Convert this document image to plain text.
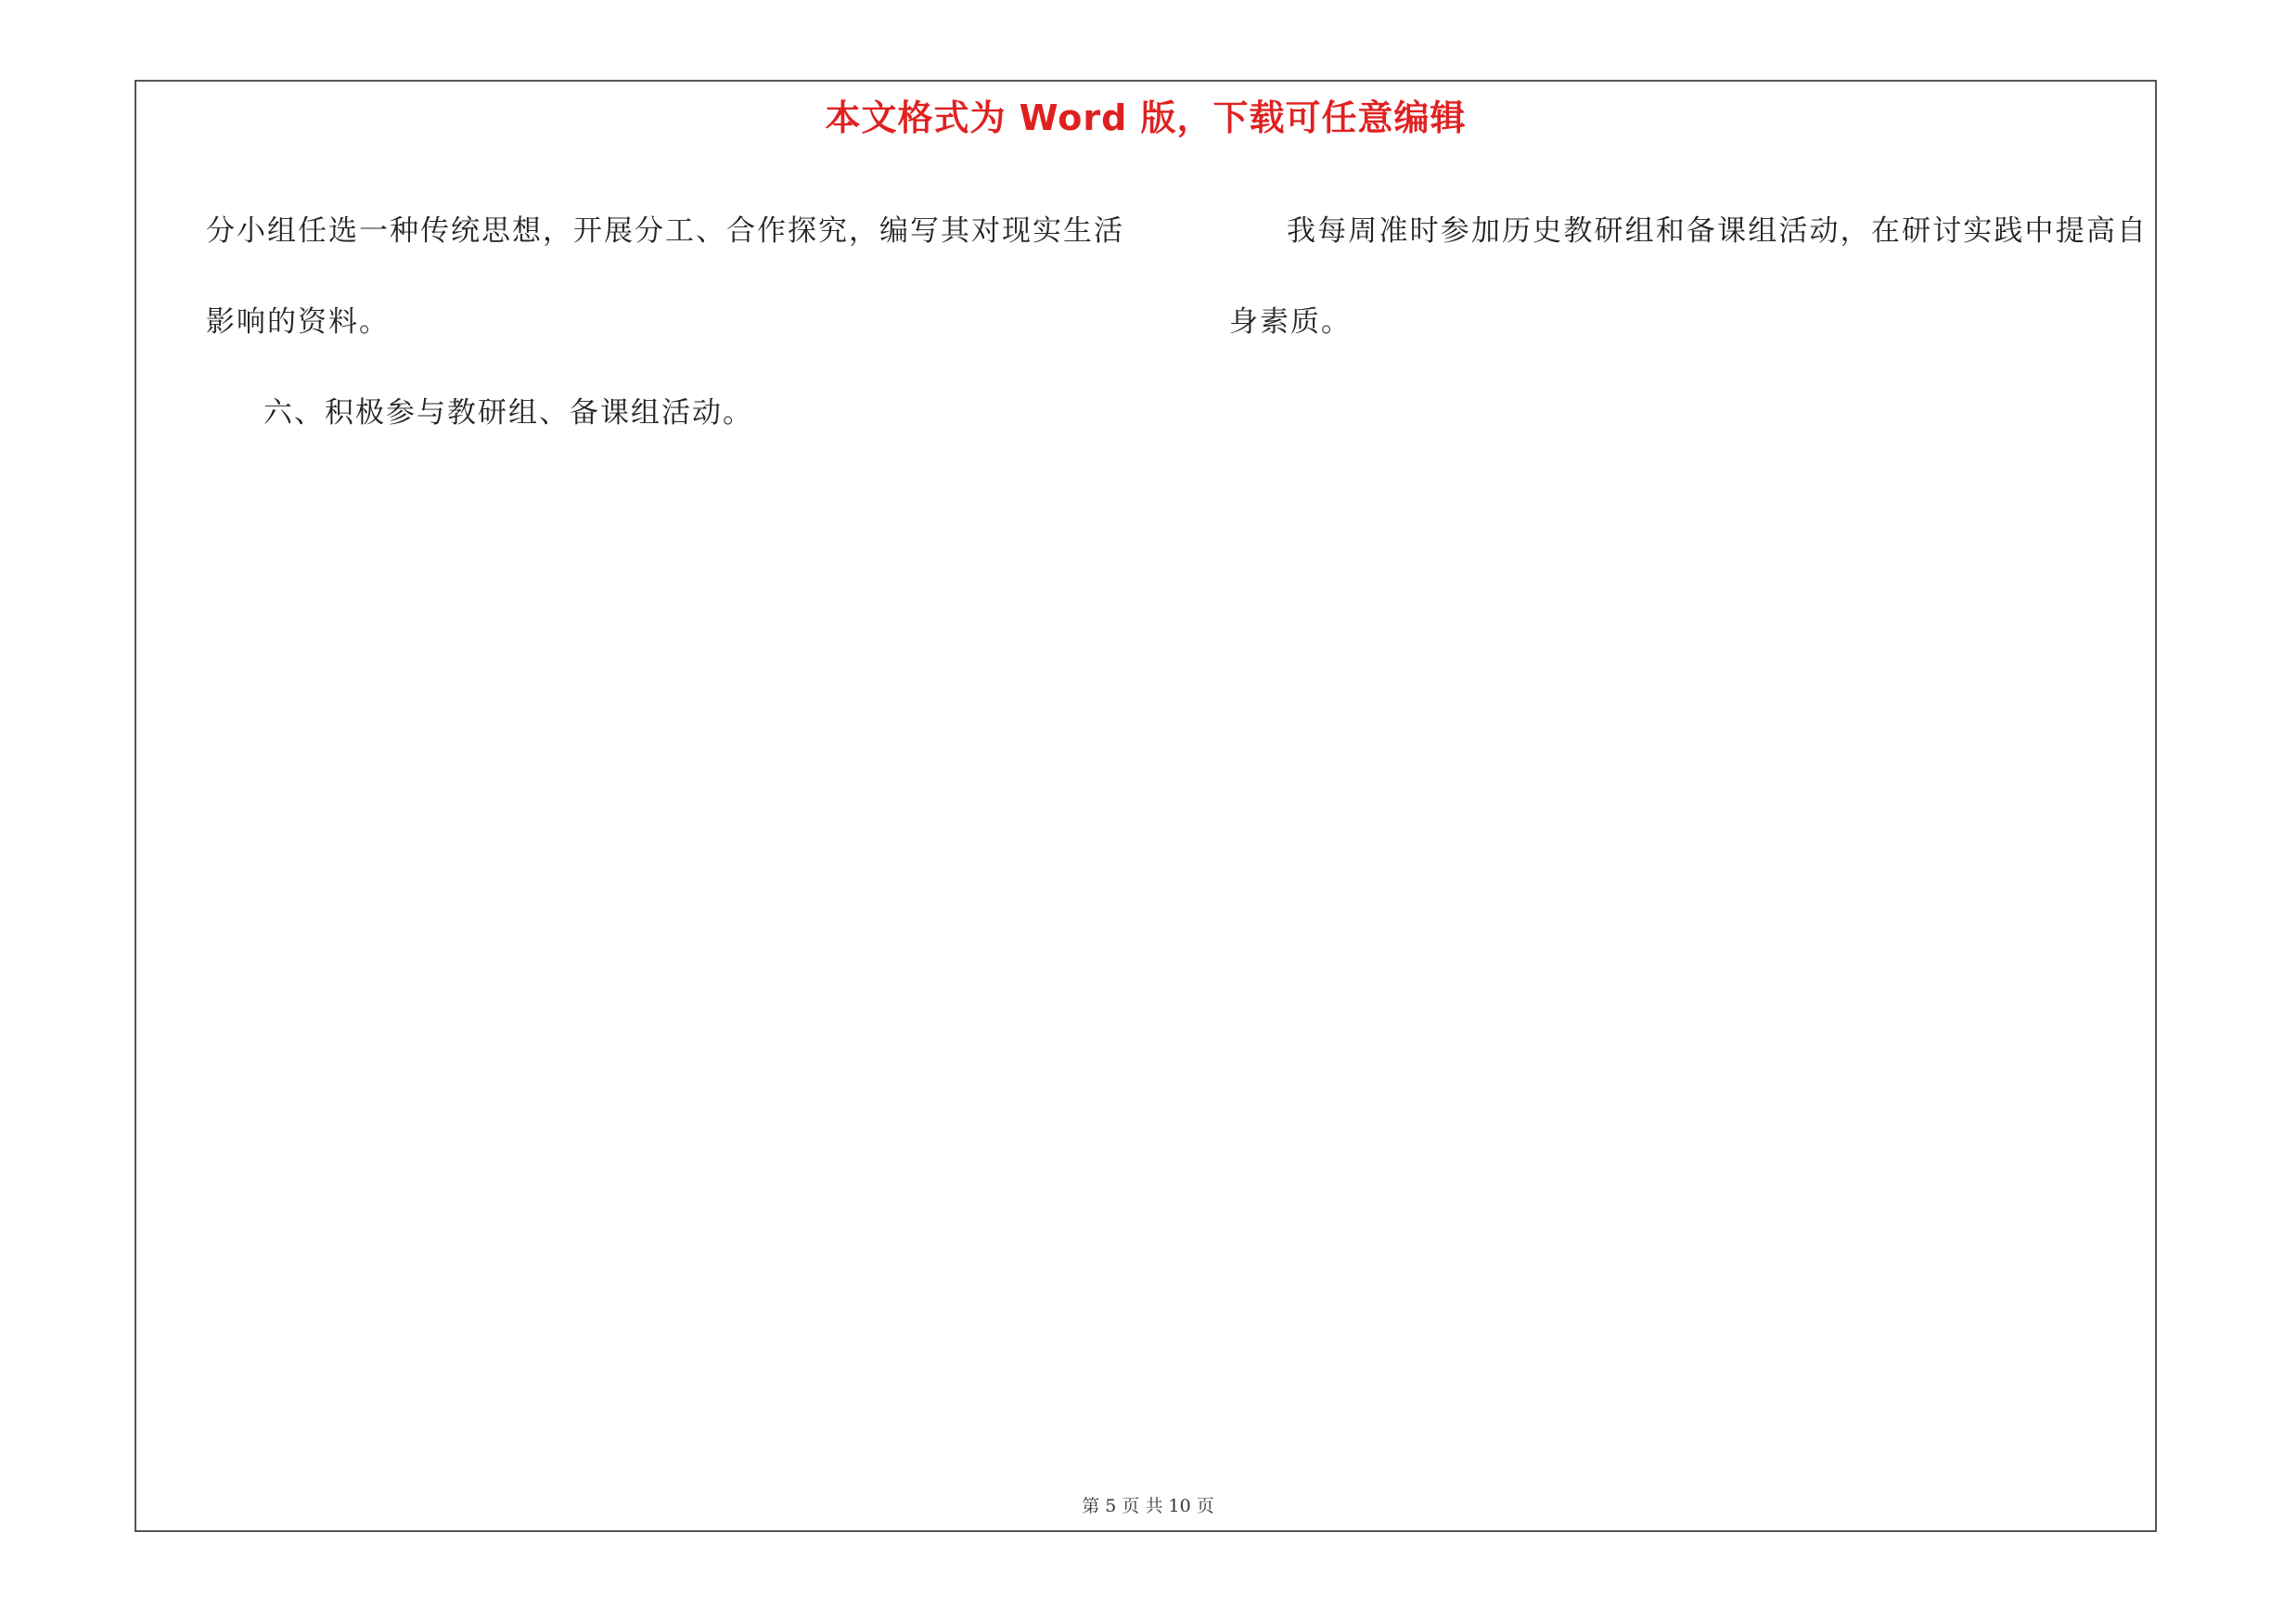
本文格式为 Word 版，下载可任意编辑

分小组任选一种传统思想，开展分工、合作探究，编写其对现实生活影响的资料。

六、积极参与教研组、备课组活动。

我每周准时参加历史教研组和备课组活动，在研讨实践中提高自身素质。

第 5 页 共 10 页
